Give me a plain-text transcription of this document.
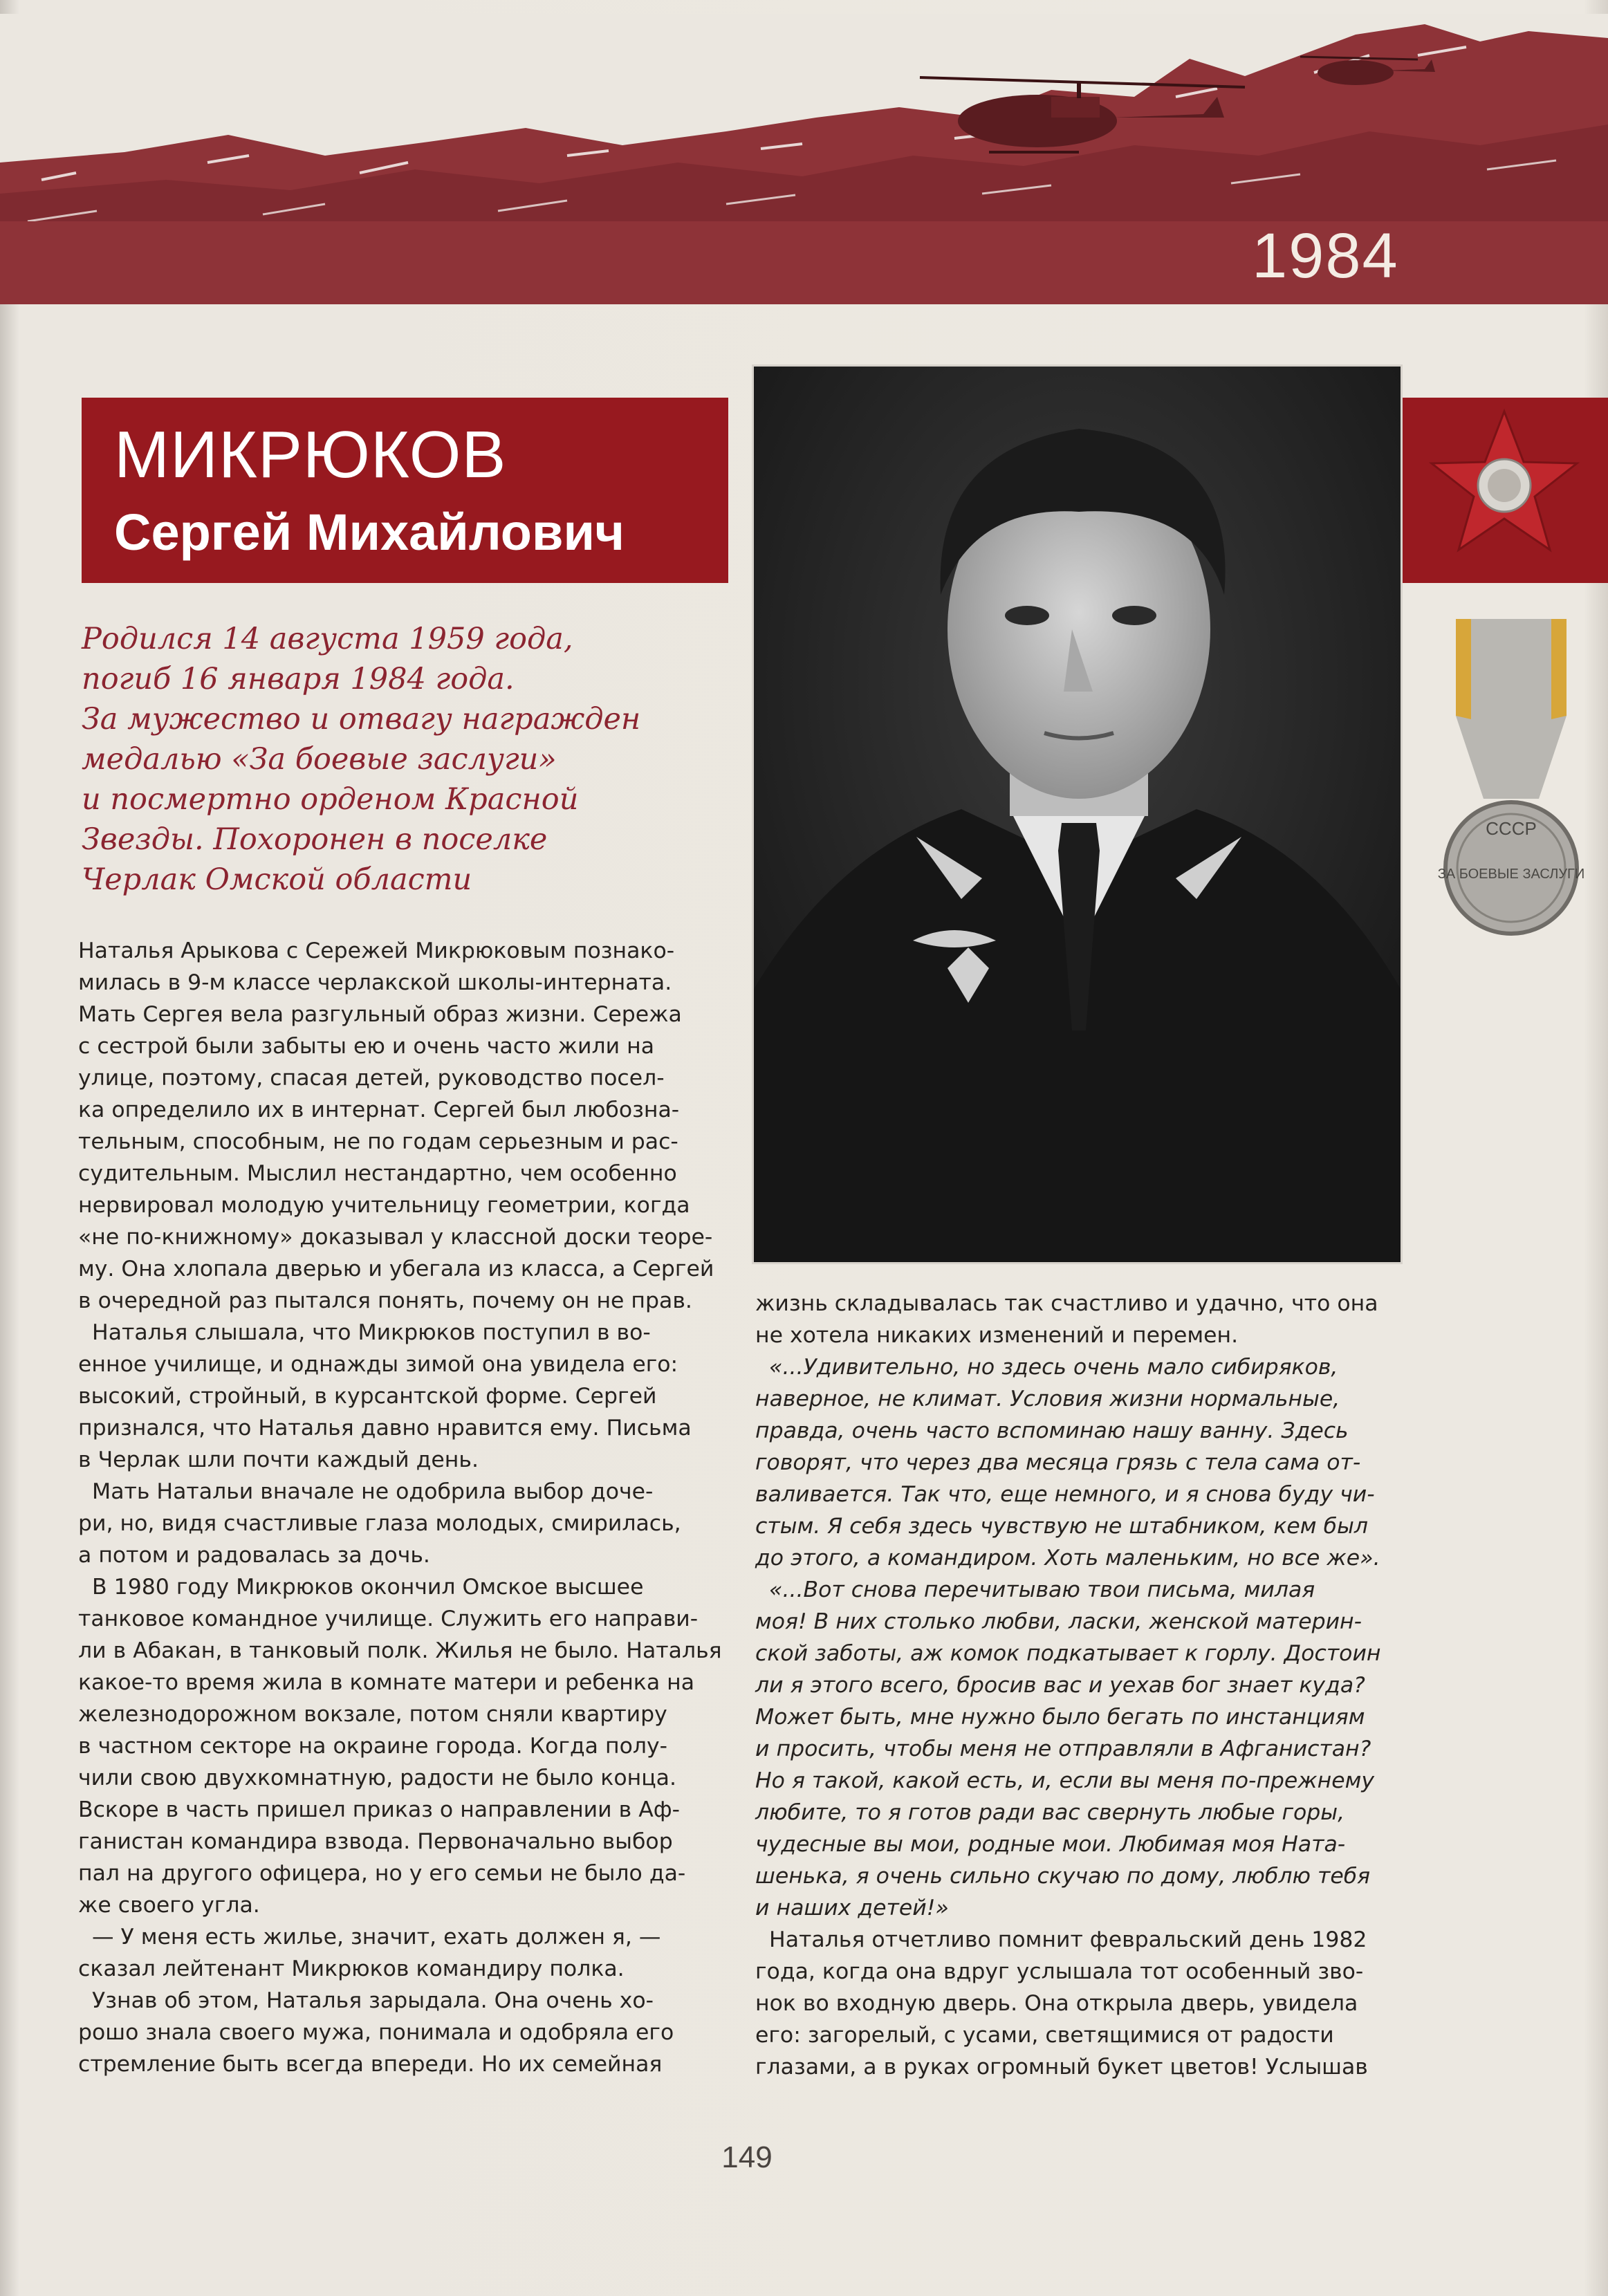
1984
МИКРЮКОВ
Сергей Михайлович
СССР
ЗА БОЕВЫЕ ЗАСЛУГИ
Родился 14 августа 1959 года,
погиб 16 января 1984 года.
За мужество и отвагу награжден
медалью «За боевые заслуги»
и посмертно орденом Красной
Звезды. Похоронен в поселке
Черлак Омской области
Наталья Арыкова с Сережей Микрюковым познако-
милась в 9-м классе черлакской школы-интерната.
Мать Сергея вела разгульный образ жизни. Сережа
с сестрой были забыты ею и очень часто жили на
улице, поэтому, спасая детей, руководство посел-
ка определило их в интернат. Сергей был любозна-
тельным, способным, не по годам серьезным и рас-
судительным. Мыслил нестандартно, чем особенно
нервировал молодую учительницу геометрии, когда
«не по-книжному» доказывал у классной доски теоре-
му. Она хлопала дверью и убегала из класса, а Сергей
в очередной раз пытался понять, почему он не прав.
Наталья слышала, что Микрюков поступил в во-
енное училище, и однажды зимой она увидела его:
высокий, стройный, в курсантской форме. Сергей
признался, что Наталья давно нравится ему. Письма
в Черлак шли почти каждый день.
Мать Натальи вначале не одобрила выбор доче-
ри, но, видя счастливые глаза молодых, смирилась,
а потом и радовалась за дочь.
В 1980 году Микрюков окончил Омское высшее
танковое командное училище. Служить его направи-
ли в Абакан, в танковый полк. Жилья не было. Наталья
какое-то время жила в комнате матери и ребенка на
железнодорожном вокзале, потом сняли квартиру
в частном секторе на окраине города. Когда полу-
чили свою двухкомнатную, радости не было конца.
Вскоре в часть пришел приказ о направлении в Аф-
ганистан командира взвода. Первоначально выбор
пал на другого офицера, но у его семьи не было да-
же своего угла.
— У меня есть жилье, значит, ехать должен я, —
сказал лейтенант Микрюков командиру полка.
Узнав об этом, Наталья зарыдала. Она очень хо-
рошо знала своего мужа, понимала и одобряла его
стремление быть всегда впереди. Но их семейная
жизнь складывалась так счастливо и удачно, что она
не хотела никаких изменений и перемен.
«...Удивительно, но здесь очень мало сибиряков,
наверное, не климат. Условия жизни нормальные,
правда, очень часто вспоминаю нашу ванну. Здесь
говорят, что через два месяца грязь с тела сама от-
валивается. Так что, еще немного, и я снова буду чи-
стым. Я себя здесь чувствую не штабником, кем был
до этого, а командиром. Хоть маленьким, но все же».
«...Вот снова перечитываю твои письма, милая
моя! В них столько любви, ласки, женской материн-
ской заботы, аж комок подкатывает к горлу. Достоин
ли я этого всего, бросив вас и уехав бог знает куда?
Может быть, мне нужно было бегать по инстанциям
и просить, чтобы меня не отправляли в Афганистан?
Но я такой, какой есть, и, если вы меня по-прежнему
любите, то я готов ради вас свернуть любые горы,
чудесные вы мои, родные мои. Любимая моя Ната-
шенька, я очень сильно скучаю по дому, люблю тебя
и наших детей!»
Наталья отчетливо помнит февральский день 1982
года, когда она вдруг услышала тот особенный зво-
нок во входную дверь. Она открыла дверь, увидела
его: загорелый, с усами, светящимися от радости
глазами, а в руках огромный букет цветов! Услышав
149
